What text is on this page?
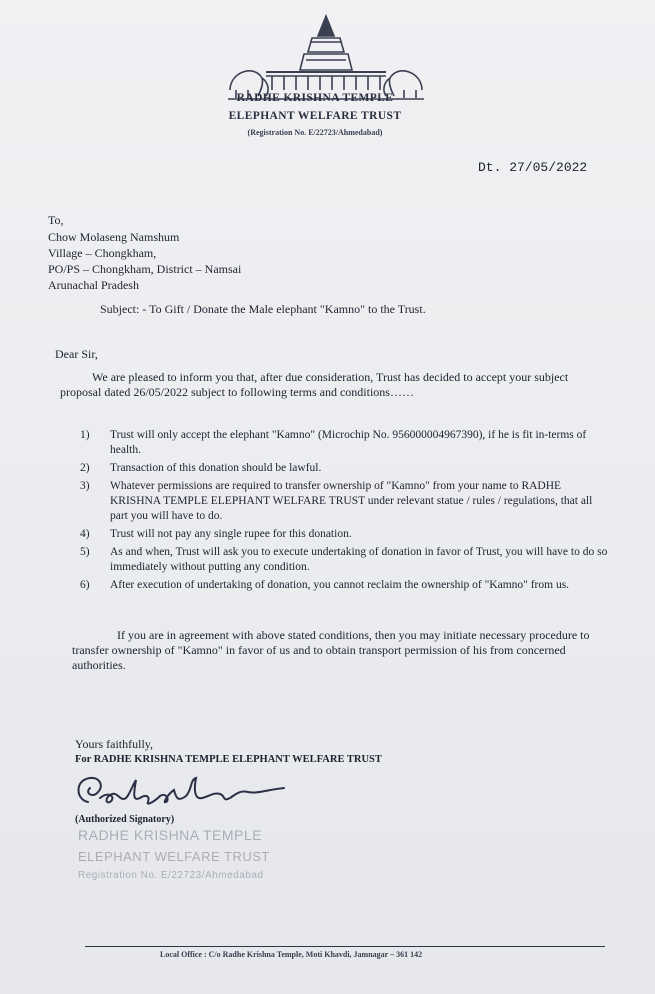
RADHE KRISHNA TEMPLE
ELEPHANT WELFARE TRUST
(Registration No. E/22723/Ahmedabad)
Dt. 27/05/2022
To,
Chow Molaseng Namshum
Village – Chongkham,
PO/PS – Chongkham, District – Namsai
Arunachal Pradesh
Subject: - To Gift / Donate the Male elephant "Kamno" to the Trust.
Dear Sir,
We are pleased to inform you that, after due consideration, Trust has decided to accept your subject proposal dated 26/05/2022 subject to following terms and conditions……
1) Trust will only accept the elephant "Kamno" (Microchip No. 956000004967390), if he is fit in-terms of health.
2) Transaction of this donation should be lawful.
3) Whatever permissions are required to transfer ownership of "Kamno" from your name to RADHE KRISHNA TEMPLE ELEPHANT WELFARE TRUST under relevant statue / rules / regulations, that all part you will have to do.
4) Trust will not pay any single rupee for this donation.
5) As and when, Trust will ask you to execute undertaking of donation in favor of Trust, you will have to do so immediately without putting any condition.
6) After execution of undertaking of donation, you cannot reclaim the ownership of "Kamno" from us.
If you are in agreement with above stated conditions, then you may initiate necessary procedure to transfer ownership of "Kamno" in favor of us and to obtain transport permission of his from concerned authorities.
Yours faithfully,
For RADHE KRISHNA TEMPLE ELEPHANT WELFARE TRUST
(Authorized Signatory)
RADHE KRISHNA TEMPLE
ELEPHANT WELFARE TRUST
Registration No. E/22723/Ahmedabad
Local Office : C/o Radhe Krishna Temple, Moti Khavdi, Jamnagar – 361 142
